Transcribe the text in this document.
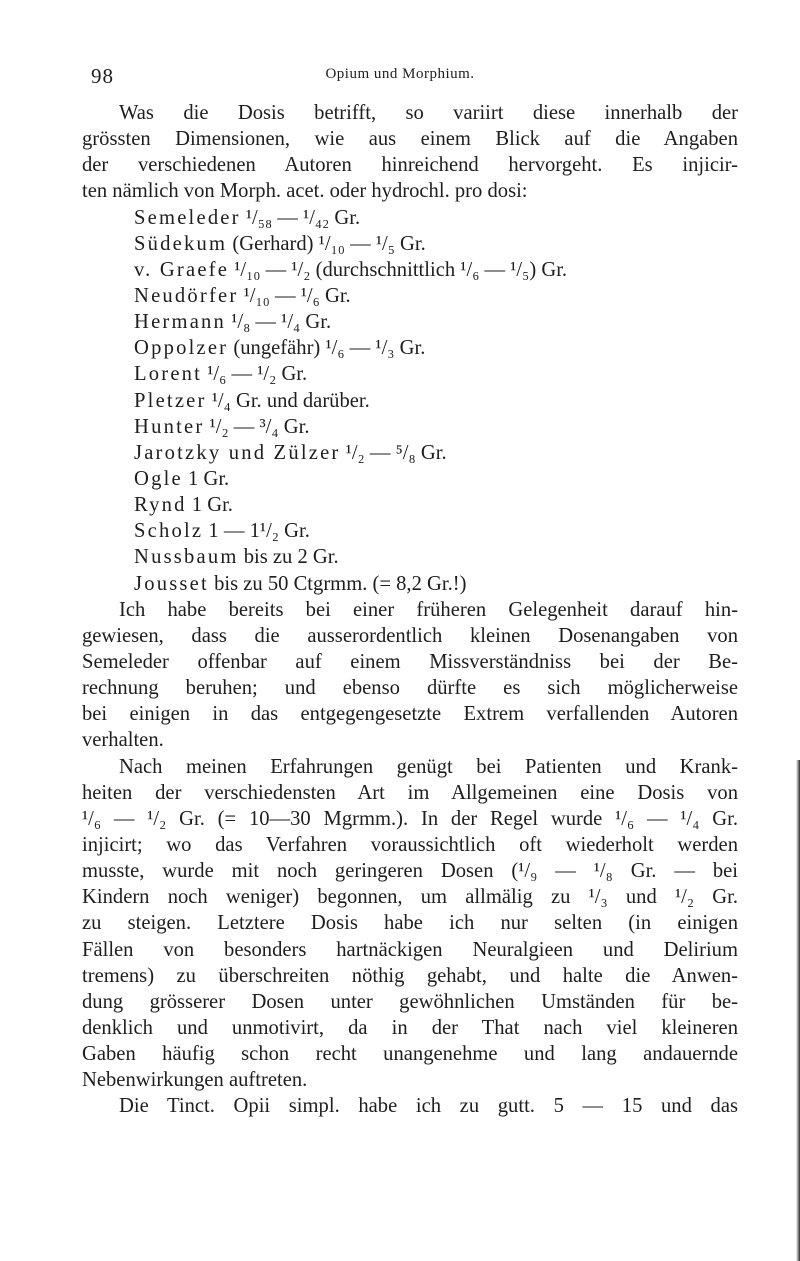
98	Opium und Morphium.
Was die Dosis betrifft, so variirt diese innerhalb der
grössten Dimensionen, wie aus einem Blick auf die Angaben
der verschiedenen Autoren hinreichend hervorgeht. Es injicir-
ten nämlich von Morph. acet. oder hydrochl. pro dosi:
Semeleder ¹/₅₈ — ¹/₄₂ Gr.
Südekum (Gerhard) ¹/₁₀ — ¹/₅ Gr.
v. Graefe ¹/₁₀ — ¹/₂ (durchschnittlich ¹/₆ — ¹/₅) Gr.
Neudörfer ¹/₁₀ — ¹/₆ Gr.
Hermann ¹/₈ — ¹/₄ Gr.
Oppolzer (ungefähr) ¹/₆ — ¹/₃ Gr.
Lorent ¹/₆ — ¹/₂ Gr.
Pletzer ¹/₄ Gr. und darüber.
Hunter ¹/₂ — ³/₄ Gr.
Jarotzky und Zülzer ¹/₂ — ⁵/₈ Gr.
Ogle 1 Gr.
Rynd 1 Gr.
Scholz 1 — 1¹/₂ Gr.
Nussbaum bis zu 2 Gr.
Jousset bis zu 50 Ctgrmm. (= 8,2 Gr.!)
Ich habe bereits bei einer früheren Gelegenheit darauf hin-
gewiesen, dass die ausserordentlich kleinen Dosenangaben von
Semeleder offenbar auf einem Missverständniss bei der Be-
rechnung beruhen; und ebenso dürfte es sich möglicherweise
bei einigen in das entgegengesetzte Extrem verfallenden Autoren
verhalten.
Nach meinen Erfahrungen genügt bei Patienten und Krank-
heiten der verschiedensten Art im Allgemeinen eine Dosis von
¹/₆ — ¹/₂ Gr. (= 10—30 Mgrmm.). In der Regel wurde ¹/₆ — ¹/₄ Gr.
injicirt; wo das Verfahren voraussichtlich oft wiederholt werden
musste, wurde mit noch geringeren Dosen (¹/₉ — ¹/₈ Gr. — bei
Kindern noch weniger) begonnen, um allmälig zu ¹/₃ und ¹/₂ Gr.
zu steigen. Letztere Dosis habe ich nur selten (in einigen
Fällen von besonders hartnäckigen Neuralgieen und Delirium
tremens) zu überschreiten nöthig gehabt, und halte die Anwen-
dung grösserer Dosen unter gewöhnlichen Umständen für be-
denklich und unmotivirt, da in der That nach viel kleineren
Gaben häufig schon recht unangenehme und lang andauernde
Nebenwirkungen auftreten.
Die Tinct. Opii simpl. habe ich zu gutt. 5 — 15 und das
